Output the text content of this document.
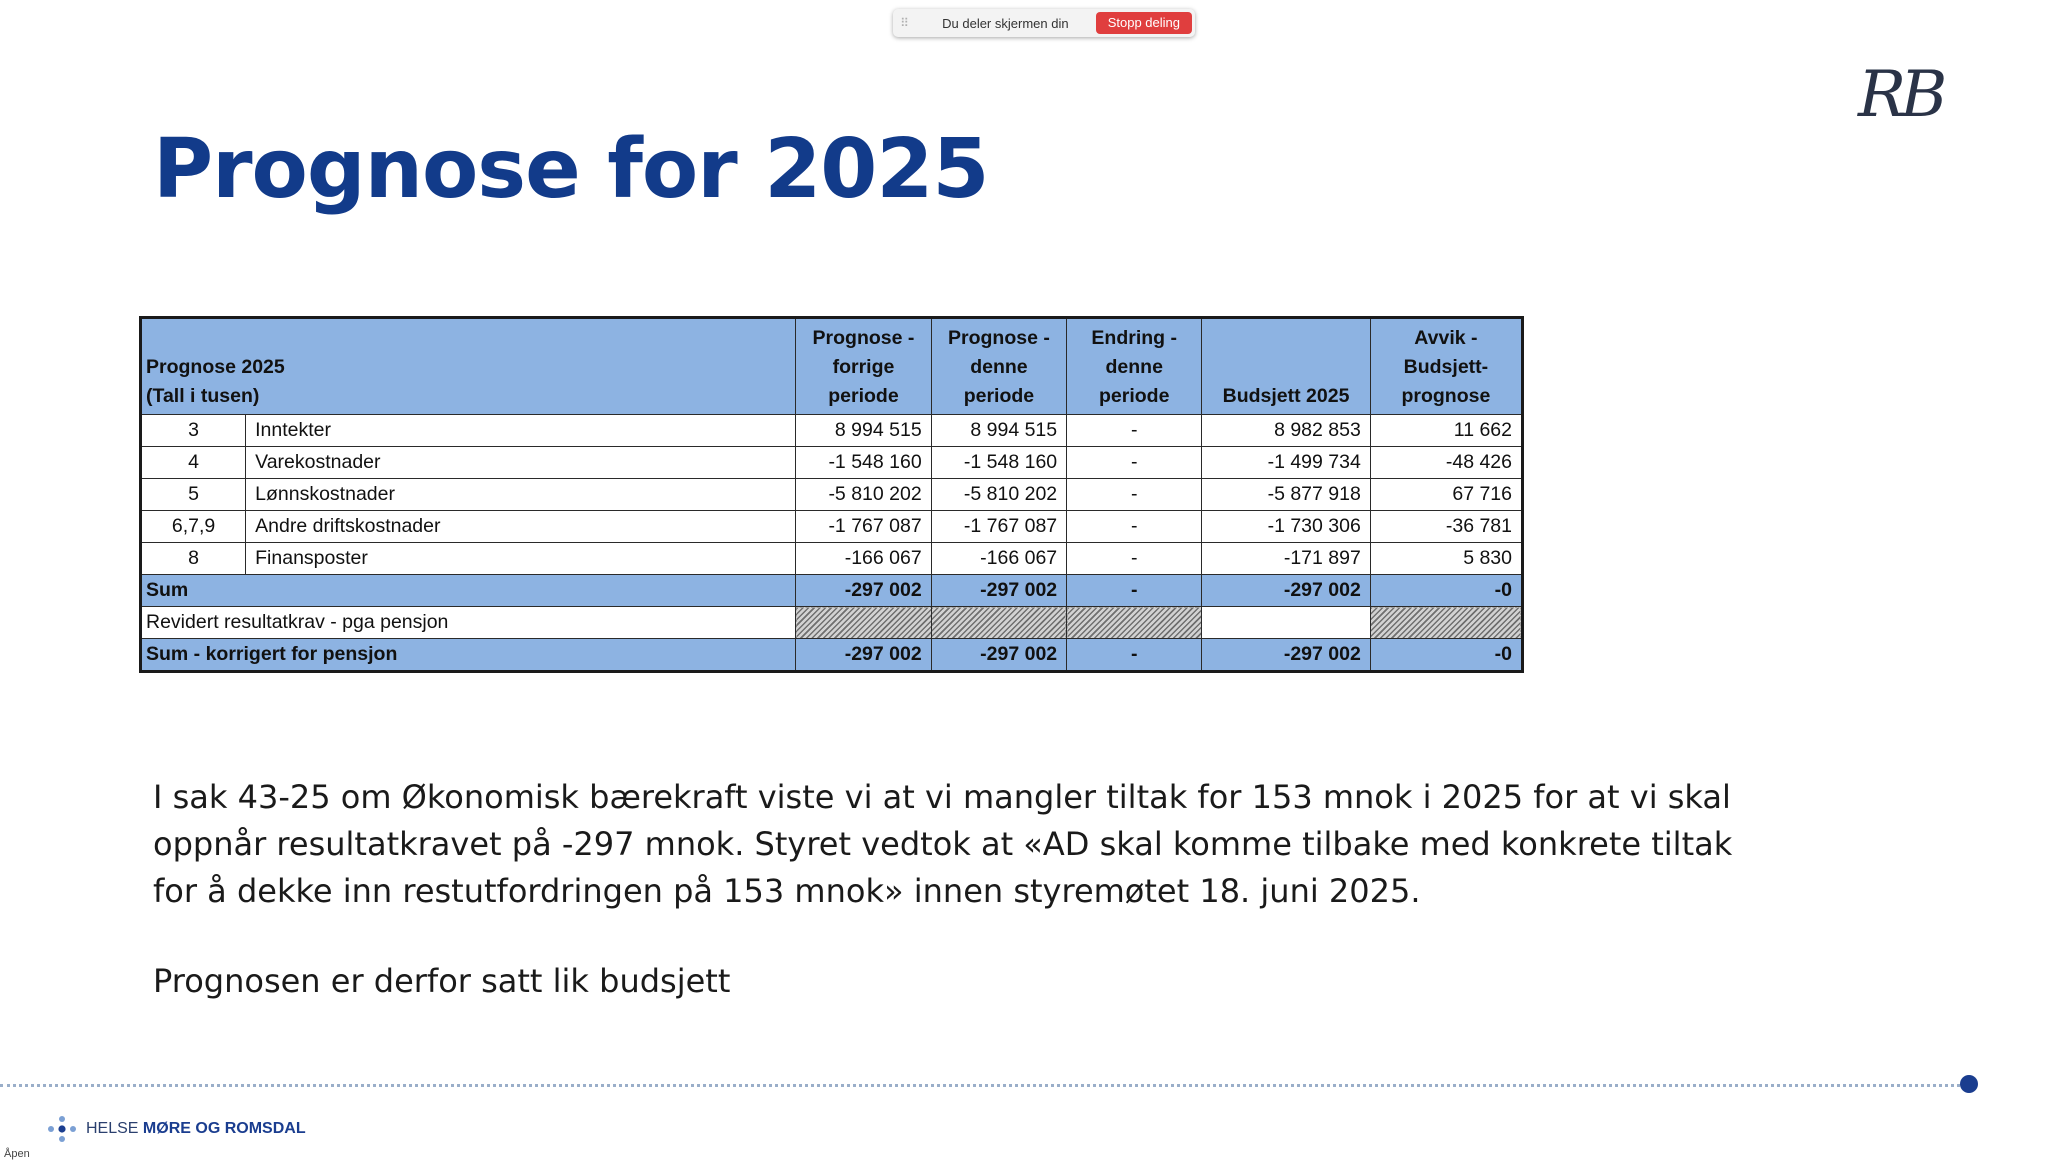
⠿	Du deler skjermen din	Stopp deling
RB
Prognose for 2025
Prognose 2025
(Tall i tusen)		Prognose -
forrige
periode	Prognose -
denne
periode	Endring -
denne
periode	Budsjett 2025	Avvik -
Budsjett-
prognose
3	Inntekter	8 994 515	8 994 515	-	8 982 853	11 662
4	Varekostnader	-1 548 160	-1 548 160	-	-1 499 734	-48 426
5	Lønnskostnader	-5 810 202	-5 810 202	-	-5 877 918	67 716
6,7,9	Andre driftskostnader	-1 767 087	-1 767 087	-	-1 730 306	-36 781
8	Finansposter	-166 067	-166 067	-	-171 897	5 830
Sum		-297 002	-297 002	-	-297 002	-0
Revidert resultatkrav - pga pensjon						
Sum - korrigert for pensjon		-297 002	-297 002	-	-297 002	-0

I sak 43-25 om Økonomisk bærekraft viste vi at vi mangler tiltak for 153 mnok i 2025 for at vi skal
oppnår resultatkravet på -297 mnok. Styret vedtok at «AD skal komme tilbake med konkrete tiltak
for å dekke inn restutfordringen på 153 mnok» innen styremøtet 18. juni 2025.

Prognosen er derfor satt lik budsjett

HELSE MØRE OG ROMSDAL
Åpen
